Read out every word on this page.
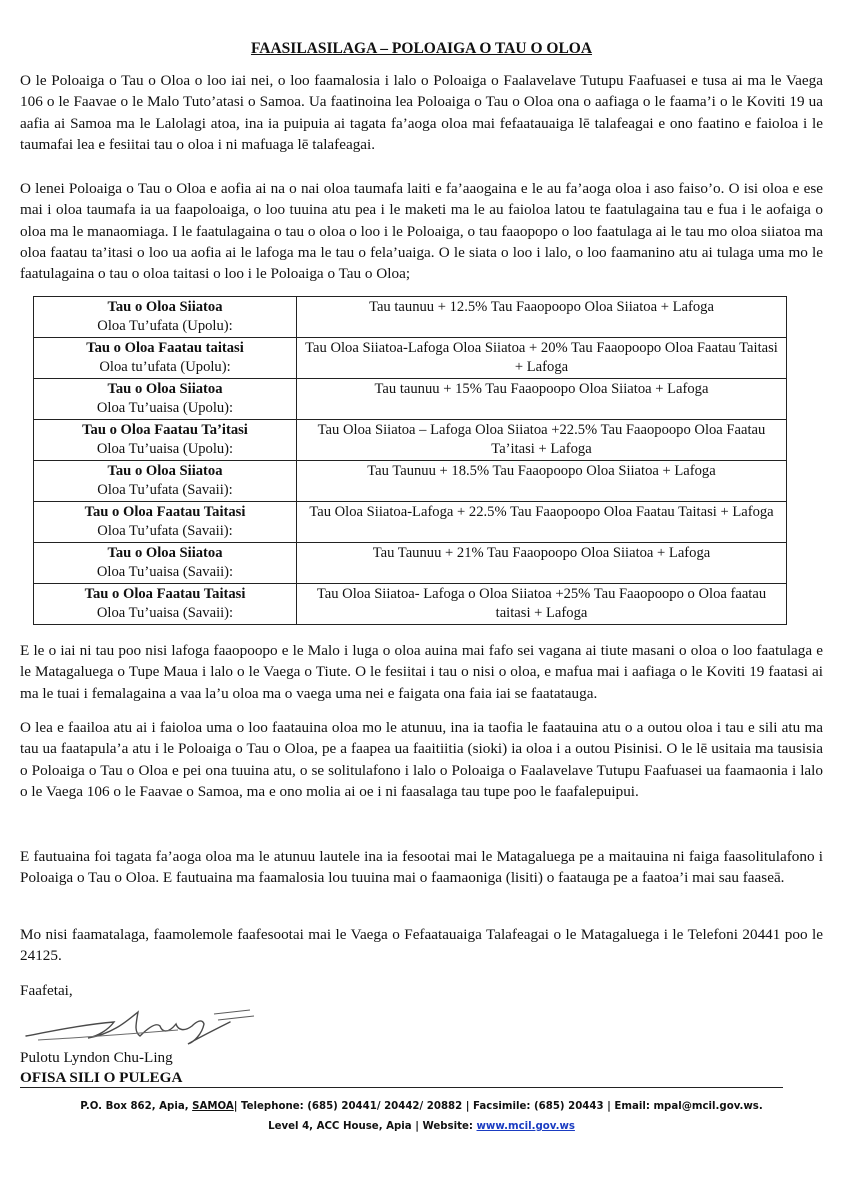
FAASILASILAGA – POLOAIGA O TAU O OLOA

O le Poloaiga o Tau o Oloa o loo iai nei, o loo faamalosia i lalo o Poloaiga o Faalavelave Tutupu Faafuasei e tusa ai ma le Vaega 106 o le Faavae o le Malo Tuto’atasi o Samoa. Ua faatinoina lea Poloaiga o Tau o Oloa ona o aafiaga o le faama’i o le Koviti 19 ua aafia ai Samoa ma le Lalolagi atoa, ina ia puipuia ai tagata fa’aoga oloa mai fefaatauaiga lē talafeagai e ono faatino e faioloa i le taumafai lea e fesiitai tau o oloa i ni mafuaga lē talafeagai.

O lenei Poloaiga o Tau o Oloa e aofia ai na o nai oloa taumafa laiti e fa’aaogaina e le au fa’aoga oloa i aso faiso’o. O isi oloa e ese mai i oloa taumafa ia ua faapoloaiga, o loo tuuina atu pea i le maketi ma le au faioloa latou te faatulagaina tau e fua i le aofaiga o oloa ma le manaomiaga. I le faatulagaina o tau o oloa o loo i le Poloaiga, o tau faaopopo o loo faatulaga ai le tau mo oloa siiatoa ma oloa faatau ta’itasi o loo ua aofia ai le lafoga ma le tau o fela’uaiga. O le siata o loo i lalo, o loo faamanino atu ai tulaga uma mo le faatulagaina o tau o oloa taitasi o loo i le Poloaiga o Tau o Oloa;

Tau o Oloa Siiatoa
Oloa Tu’ufata (Upolu):	Tau taunuu + 12.5% Tau Faaopoopo Oloa Siiatoa + Lafoga

Tau o Oloa Faatau taitasi
Oloa tu’ufata (Upolu):	Tau Oloa Siiatoa-Lafoga Oloa Siiatoa + 20% Tau Faaopoopo Oloa Faatau Taitasi + Lafoga

Tau o Oloa Siiatoa
Oloa Tu’uaisa (Upolu):	Tau taunuu + 15% Tau Faaopoopo Oloa Siiatoa + Lafoga

Tau o Oloa Faatau Ta’itasi
Oloa Tu’uaisa (Upolu):	Tau Oloa Siiatoa – Lafoga Oloa Siiatoa +22.5% Tau Faaopoopo Oloa Faatau Ta’itasi + Lafoga

Tau o Oloa Siiatoa
Oloa Tu’ufata (Savaii):	Tau Taunuu + 18.5% Tau Faaopoopo Oloa Siiatoa + Lafoga

Tau o Oloa Faatau Taitasi
Oloa Tu’ufata (Savaii):	Tau Oloa Siiatoa-Lafoga + 22.5% Tau Faaopoopo Oloa Faatau Taitasi + Lafoga

Tau o Oloa Siiatoa
Oloa Tu’uaisa (Savaii):	Tau Taunuu + 21% Tau Faaopoopo Oloa Siiatoa + Lafoga

Tau o Oloa Faatau Taitasi
Oloa Tu’uaisa (Savaii):	Tau Oloa Siiatoa- Lafoga o Oloa Siiatoa +25% Tau Faaopoopo o Oloa faatau taitasi + Lafoga

E le o iai ni tau poo nisi lafoga faaopoopo e le Malo i luga o oloa auina mai fafo sei vagana ai tiute masani o oloa o loo faatulaga e le Matagaluega o Tupe Maua i lalo o le Vaega o Tiute. O le fesiitai i tau o nisi o oloa, e mafua mai i aafiaga o le Koviti 19 faatasi ai ma le tuai i femalagaina a vaa la’u oloa ma o vaega uma nei e faigata ona faia iai se faatatauga.

O lea e faailoa atu ai i faioloa uma o loo faatauina oloa mo le atunuu, ina ia taofia le faatauina atu o a outou oloa i tau e sili atu ma tau ua faatapula’a atu i le Poloaiga o Tau o Oloa, pe a faapea ua faaitiitia (sioki) ia oloa i a outou Pisinisi. O le lē usitaia ma tausisia o Poloaiga o Tau o Oloa e pei ona tuuina atu, o se solitulafono i lalo o Poloaiga o Faalavelave Tutupu Faafuasei ua faamaonia i lalo o le Vaega 106 o le Faavae o Samoa, ma e ono molia ai oe i ni faasalaga tau tupe poo le faafalepuipui.

E fautuaina foi tagata fa’aoga oloa ma le atunuu lautele ina ia fesootai mai le Matagaluega pe a maitauina ni faiga faasolitulafono i Poloaiga o Tau o Oloa. E fautuaina ma faamalosia lou tuuina mai o faamaoniga (lisiti) o faatauga pe a faatoa’i mai sau faaseā.

Mo nisi faamatalaga, faamolemole faafesootai mai le Vaega o Fefaatauaiga Talafeagai o le Matagaluega i le Telefoni 20441 poo le 24125.

Faafetai,
Pulotu Lyndon Chu-Ling
OFISA SILI O PULEGA
P.O. Box 862, Apia, SAMOA| Telephone: (685) 20441/ 20442/ 20882 | Facsimile: (685) 20443 | Email: mpal@mcil.gov.ws.
Level 4, ACC House, Apia | Website: www.mcil.gov.ws
